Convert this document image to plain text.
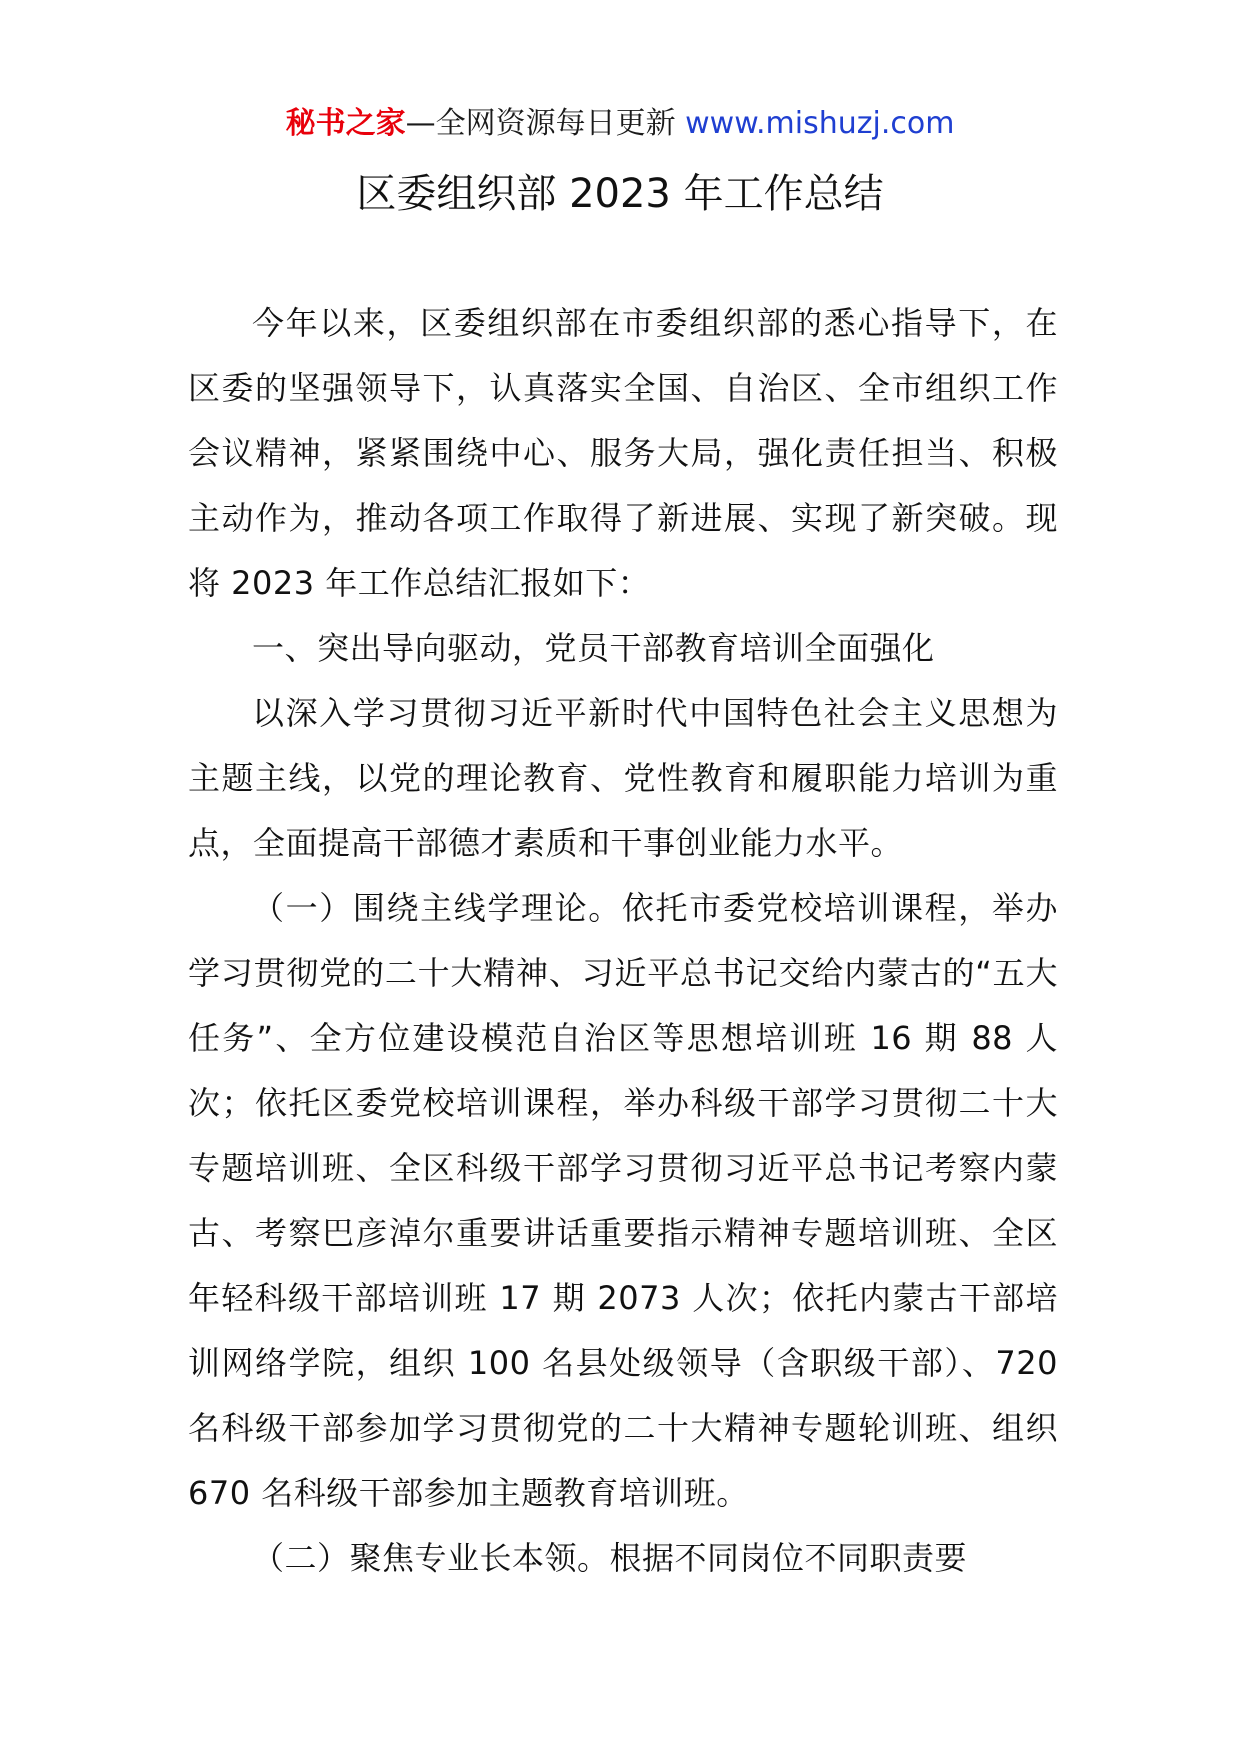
秘书之家—全网资源每日更新 www.mishuzj.com
区委组织部 2023 年工作总结

今年以来，区委组织部在市委组织部的悉心指导下，在区委的坚强领导下，认真落实全国、自治区、全市组织工作会议精神，紧紧围绕中心、服务大局，强化责任担当、积极主动作为，推动各项工作取得了新进展、实现了新突破。现将 2023 年工作总结汇报如下：

一、突出导向驱动，党员干部教育培训全面强化

以深入学习贯彻习近平新时代中国特色社会主义思想为主题主线，以党的理论教育、党性教育和履职能力培训为重点，全面提高干部德才素质和干事创业能力水平。

（一）围绕主线学理论。依托市委党校培训课程，举办学习贯彻党的二十大精神、习近平总书记交给内蒙古的“五大任务”、全方位建设模范自治区等思想培训班 16 期 88 人次；依托区委党校培训课程，举办科级干部学习贯彻二十大专题培训班、全区科级干部学习贯彻习近平总书记考察内蒙古、考察巴彦淖尔重要讲话重要指示精神专题培训班、全区年轻科级干部培训班 17 期 2073 人次；依托内蒙古干部培训网络学院，组织 100 名县处级领导（含职级干部）、720 名科级干部参加学习贯彻党的二十大精神专题轮训班、组织 670 名科级干部参加主题教育培训班。

（二）聚焦专业长本领。根据不同岗位不同职责要
